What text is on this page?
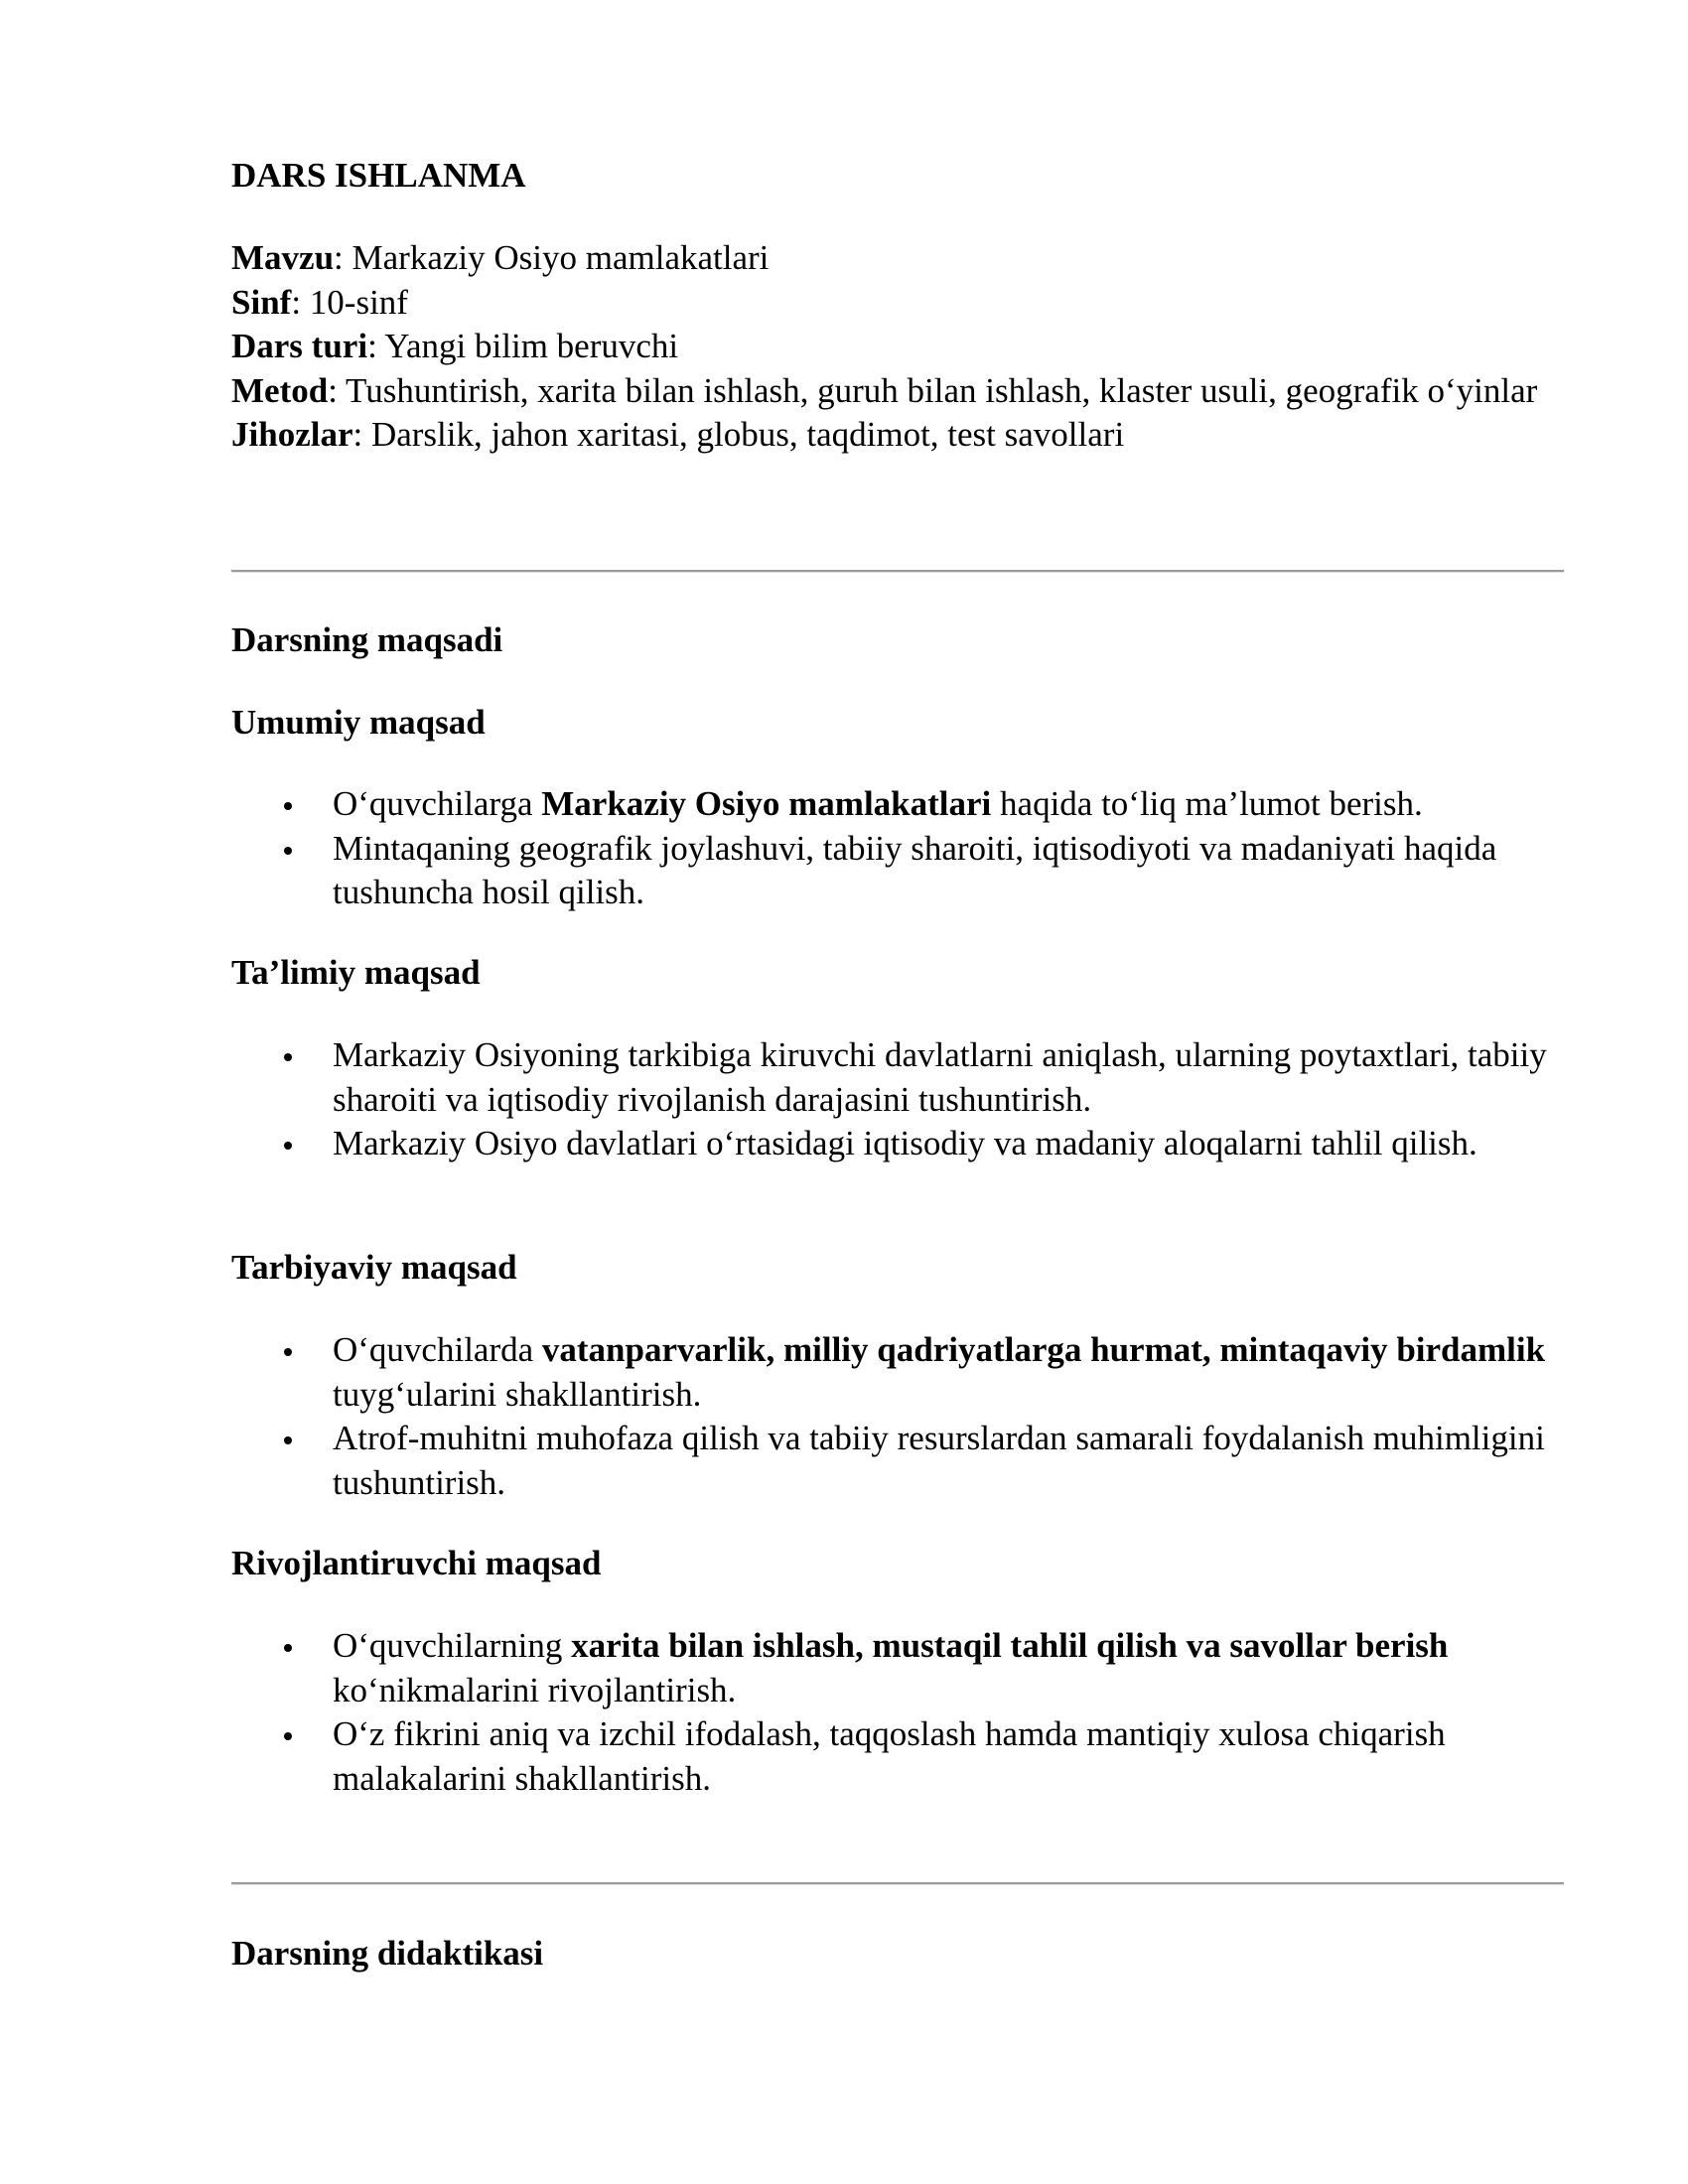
DARS ISHLANMA
Mavzu: Markaziy Osiyo mamlakatlari
Sinf: 10-sinf
Dars turi: Yangi bilim beruvchi
Metod: Tushuntirish, xarita bilan ishlash, guruh bilan ishlash, klaster usuli, geografik o‘yinlar
Jihozlar: Darslik, jahon xaritasi, globus, taqdimot, test savollari
Darsning maqsadi
Umumiy maqsad
O‘quvchilarga Markaziy Osiyo mamlakatlari haqida to‘liq ma’lumot berish.
Mintaqaning geografik joylashuvi, tabiiy sharoiti, iqtisodiyoti va madaniyati haqida tushuncha hosil qilish.
Ta’limiy maqsad
Markaziy Osiyoning tarkibiga kiruvchi davlatlarni aniqlash, ularning poytaxtlari, tabiiy sharoiti va iqtisodiy rivojlanish darajasini tushuntirish.
Markaziy Osiyo davlatlari o‘rtasidagi iqtisodiy va madaniy aloqalarni tahlil qilish.
Tarbiyaviy maqsad
O‘quvchilarda vatanparvarlik, milliy qadriyatlarga hurmat, mintaqaviy birdamlik tuyg‘ularini shakllantirish.
Atrof-muhitni muhofaza qilish va tabiiy resurslardan samarali foydalanish muhimligini tushuntirish.
Rivojlantiruvchi maqsad
O‘quvchilarning xarita bilan ishlash, mustaqil tahlil qilish va savollar berish ko‘nikmalarini rivojlantirish.
O‘z fikrini aniq va izchil ifodalash, taqqoslash hamda mantiqiy xulosa chiqarish malakalarini shakllantirish.
Darsning didaktikasi
